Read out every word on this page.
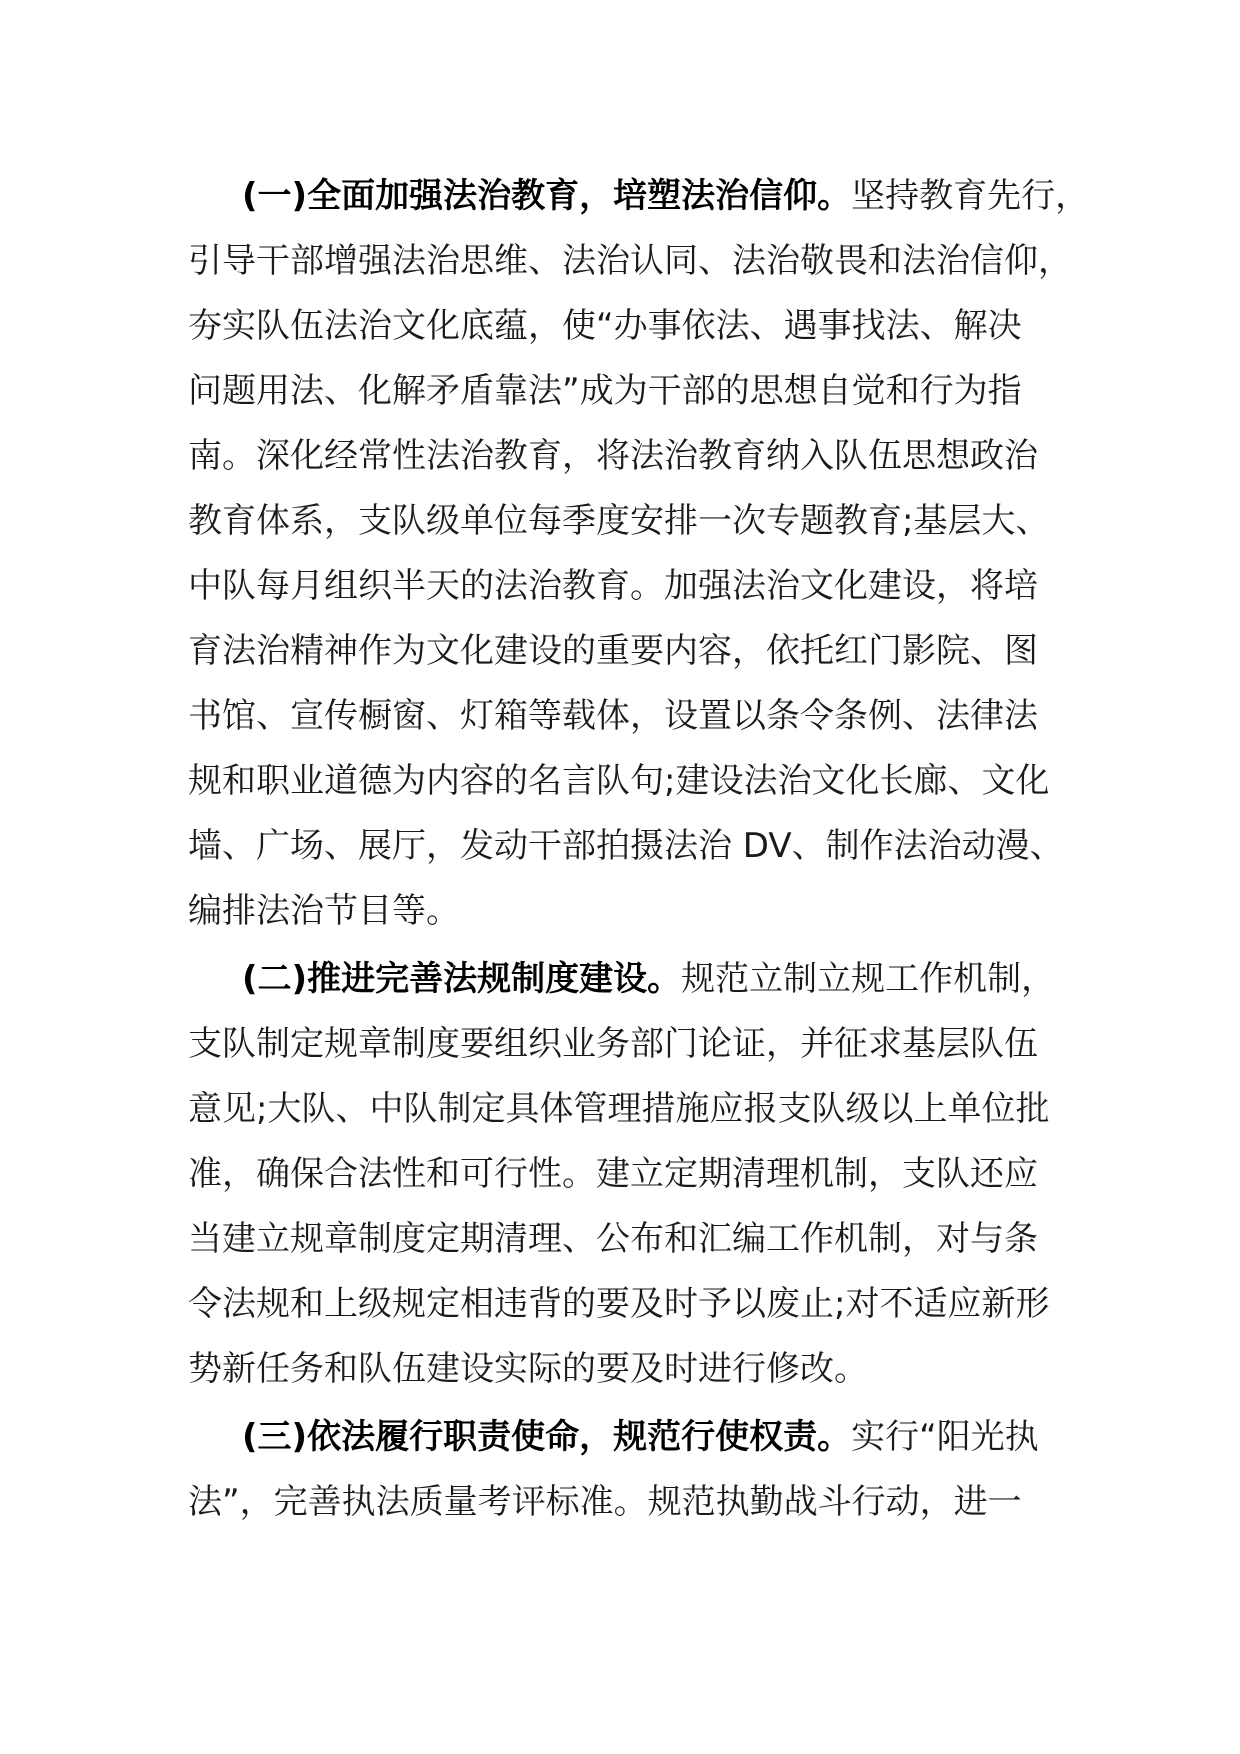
(一)全面加强法治教育，培塑法治信仰。坚持教育先行，
引导干部增强法治思维、法治认同、法治敬畏和法治信仰，
夯实队伍法治文化底蕴，使“办事依法、遇事找法、解决
问题用法、化解矛盾靠法”成为干部的思想自觉和行为指
南。深化经常性法治教育，将法治教育纳入队伍思想政治
教育体系，支队级单位每季度安排一次专题教育;基层大、
中队每月组织半天的法治教育。加强法治文化建设，将培
育法治精神作为文化建设的重要内容，依托红门影院、图
书馆、宣传橱窗、灯箱等载体，设置以条令条例、法律法
规和职业道德为内容的名言队句;建设法治文化长廊、文化
墙、广场、展厅，发动干部拍摄法治 DV、制作法治动漫、
编排法治节目等。
(二)推进完善法规制度建设。规范立制立规工作机制，
支队制定规章制度要组织业务部门论证，并征求基层队伍
意见;大队、中队制定具体管理措施应报支队级以上单位批
准，确保合法性和可行性。建立定期清理机制，支队还应
当建立规章制度定期清理、公布和汇编工作机制，对与条
令法规和上级规定相违背的要及时予以废止;对不适应新形
势新任务和队伍建设实际的要及时进行修改。
(三)依法履行职责使命，规范行使权责。实行“阳光执
法”，完善执法质量考评标准。规范执勤战斗行动，进一
